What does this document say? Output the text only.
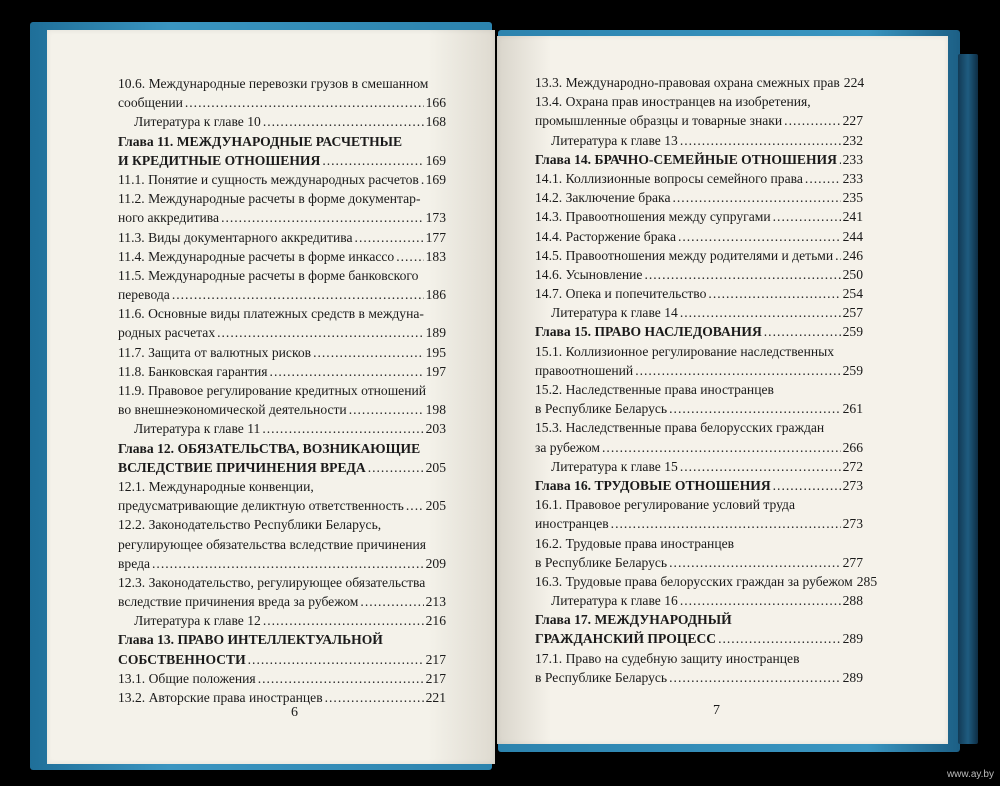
10.6. Международные перевозки грузов в смешанном
сообщении .....	166
Литература к главе 10 .....	168
Глава 11. МЕЖДУНАРОДНЫЕ РАСЧЕТНЫЕ
И КРЕДИТНЫЕ ОТНОШЕНИЯ .....	169
11.1. Понятие и сущность международных расчетов ..... 169
11.2. Международные расчеты в форме документар-
ного аккредитива .....	173
11.3. Виды документарного аккредитива .....	177
11.4. Международные расчеты в форме инкассо ..... 183
11.5. Международные расчеты в форме банковского
перевода .....	186
11.6. Основные виды платежных средств в междуна-
родных расчетах .....	189
11.7. Защита от валютных рисков .....	195
11.8. Банковская гарантия .....	197
11.9. Правовое регулирование кредитных отношений
во внешнеэкономической деятельности .....	198
Литература к главе 11 .....	203
Глава 12. ОБЯЗАТЕЛЬСТВА, ВОЗНИКАЮЩИЕ
ВСЛЕДСТВИЕ ПРИЧИНЕНИЯ ВРЕДА .....	205
12.1. Международные конвенции,
предусматривающие деликтную ответственность ..... 205
12.2. Законодательство Республики Беларусь,
регулирующее обязательства вследствие причинения
вреда .....	209
12.3. Законодательство, регулирующее обязательства
вследствие причинения вреда за рубежом .....	213
Литература к главе 12 .....	216
Глава 13. ПРАВО ИНТЕЛЛЕКТУАЛЬНОЙ
СОБСТВЕННОСТИ .....	217
13.1. Общие положения .....	217
13.2. Авторские права иностранцев .....	221
13.3. Международно-правовая охрана смежных прав 224
13.4. Охрана прав иностранцев на изобретения,
промышленные образцы и товарные знаки .....	227
Литература к главе 13 .....	232
Глава 14. БРАЧНО-СЕМЕЙНЫЕ ОТНОШЕНИЯ ..... 233
14.1. Коллизионные вопросы семейного права .....	233
14.2. Заключение брака .....	235
14.3. Правоотношения между супругами .....	241
14.4. Расторжение брака .....	244
14.5. Правоотношения между родителями и детьми ..... 246
14.6. Усыновление .....	250
14.7. Опека и попечительство .....	254
Литература к главе 14 .....	257
Глава 15. ПРАВО НАСЛЕДОВАНИЯ .....	259
15.1. Коллизионное регулирование наследственных
правоотношений .....	259
15.2. Наследственные права иностранцев
в Республике Беларусь .....	261
15.3. Наследственные права белорусских граждан
за рубежом .....	266
Литература к главе 15 .....	272
Глава 16. ТРУДОВЫЕ ОТНОШЕНИЯ .....	273
16.1. Правовое регулирование условий труда
иностранцев .....	273
16.2. Трудовые права иностранцев
в Республике Беларусь .....	277
16.3. Трудовые права белорусских граждан за рубежом 285
Литература к главе 16 .....	288
Глава 17. МЕЖДУНАРОДНЫЙ
ГРАЖДАНСКИЙ ПРОЦЕСС .....	289
17.1. Право на судебную защиту иностранцев
в Республике Беларусь .....	289
6	7
www.ay.by
